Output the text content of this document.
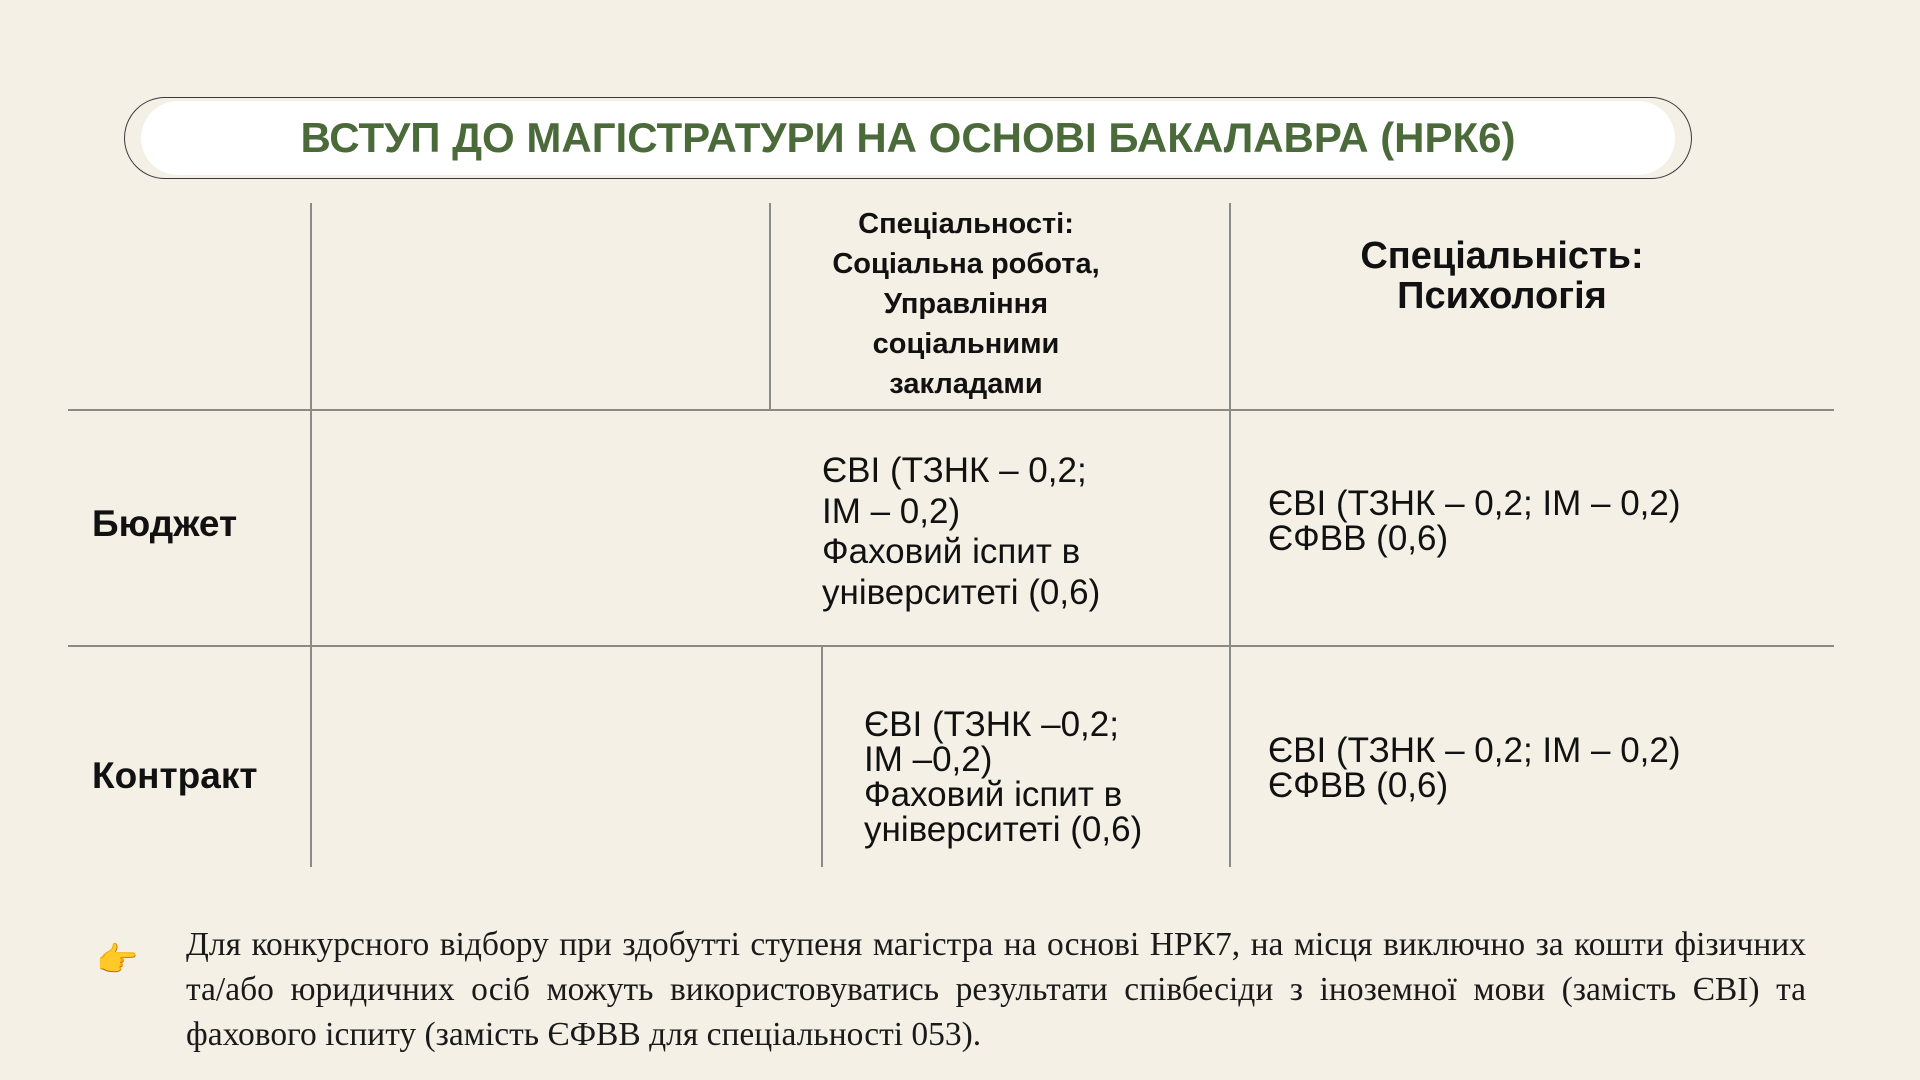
ВСТУП ДО МАГІСТРАТУРИ НА ОСНОВІ БАКАЛАВРА (НРК6)
Спеціальності:
Соціальна робота,
Управління
соціальними
закладами
Спеціальність:
Психологія
Бюджет
Контракт
ЄВІ (ТЗНК – 0,2;
ІМ – 0,2)
Фаховий іспит в
університеті (0,6)
ЄВІ (ТЗНК – 0,2; ІМ – 0,2)
ЄФВВ (0,6)
ЄВІ (ТЗНК –0,2;
ІМ –0,2)
Фаховий іспит в
університеті (0,6)
ЄВІ (ТЗНК – 0,2; ІМ – 0,2)
ЄФВВ (0,6)
👉 Для конкурсного відбору при здобутті ступеня магістра на основі НРК7, на місця виключно за кошти фізичних та/або юридичних осіб можуть використовуватись результати співбесіди з іноземної мови (замість ЄВІ) та фахового іспиту (замість ЄФВВ для спеціальності 053).
